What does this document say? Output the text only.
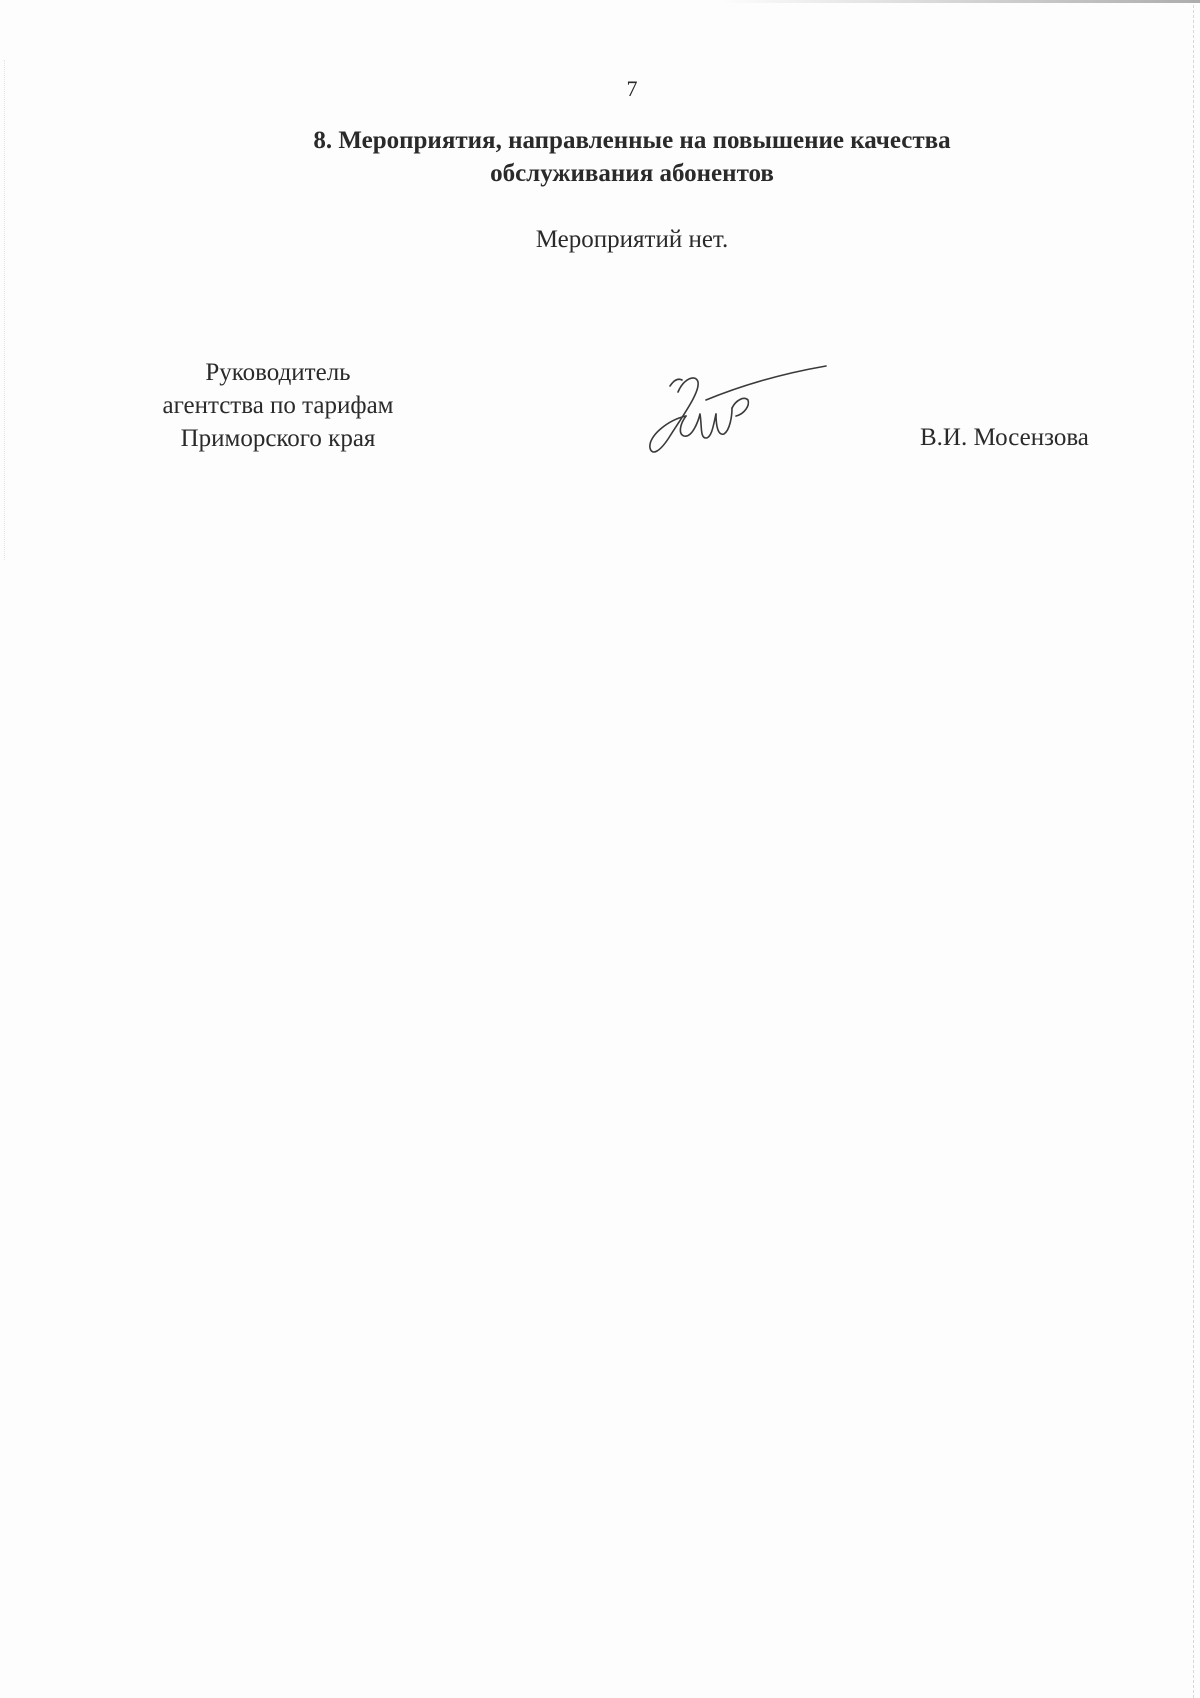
7
8. Мероприятия, направленные на повышение качества
обслуживания абонентов
Мероприятий нет.
Руководитель
агентства по тарифам
Приморского края	В.И. Мосензова
